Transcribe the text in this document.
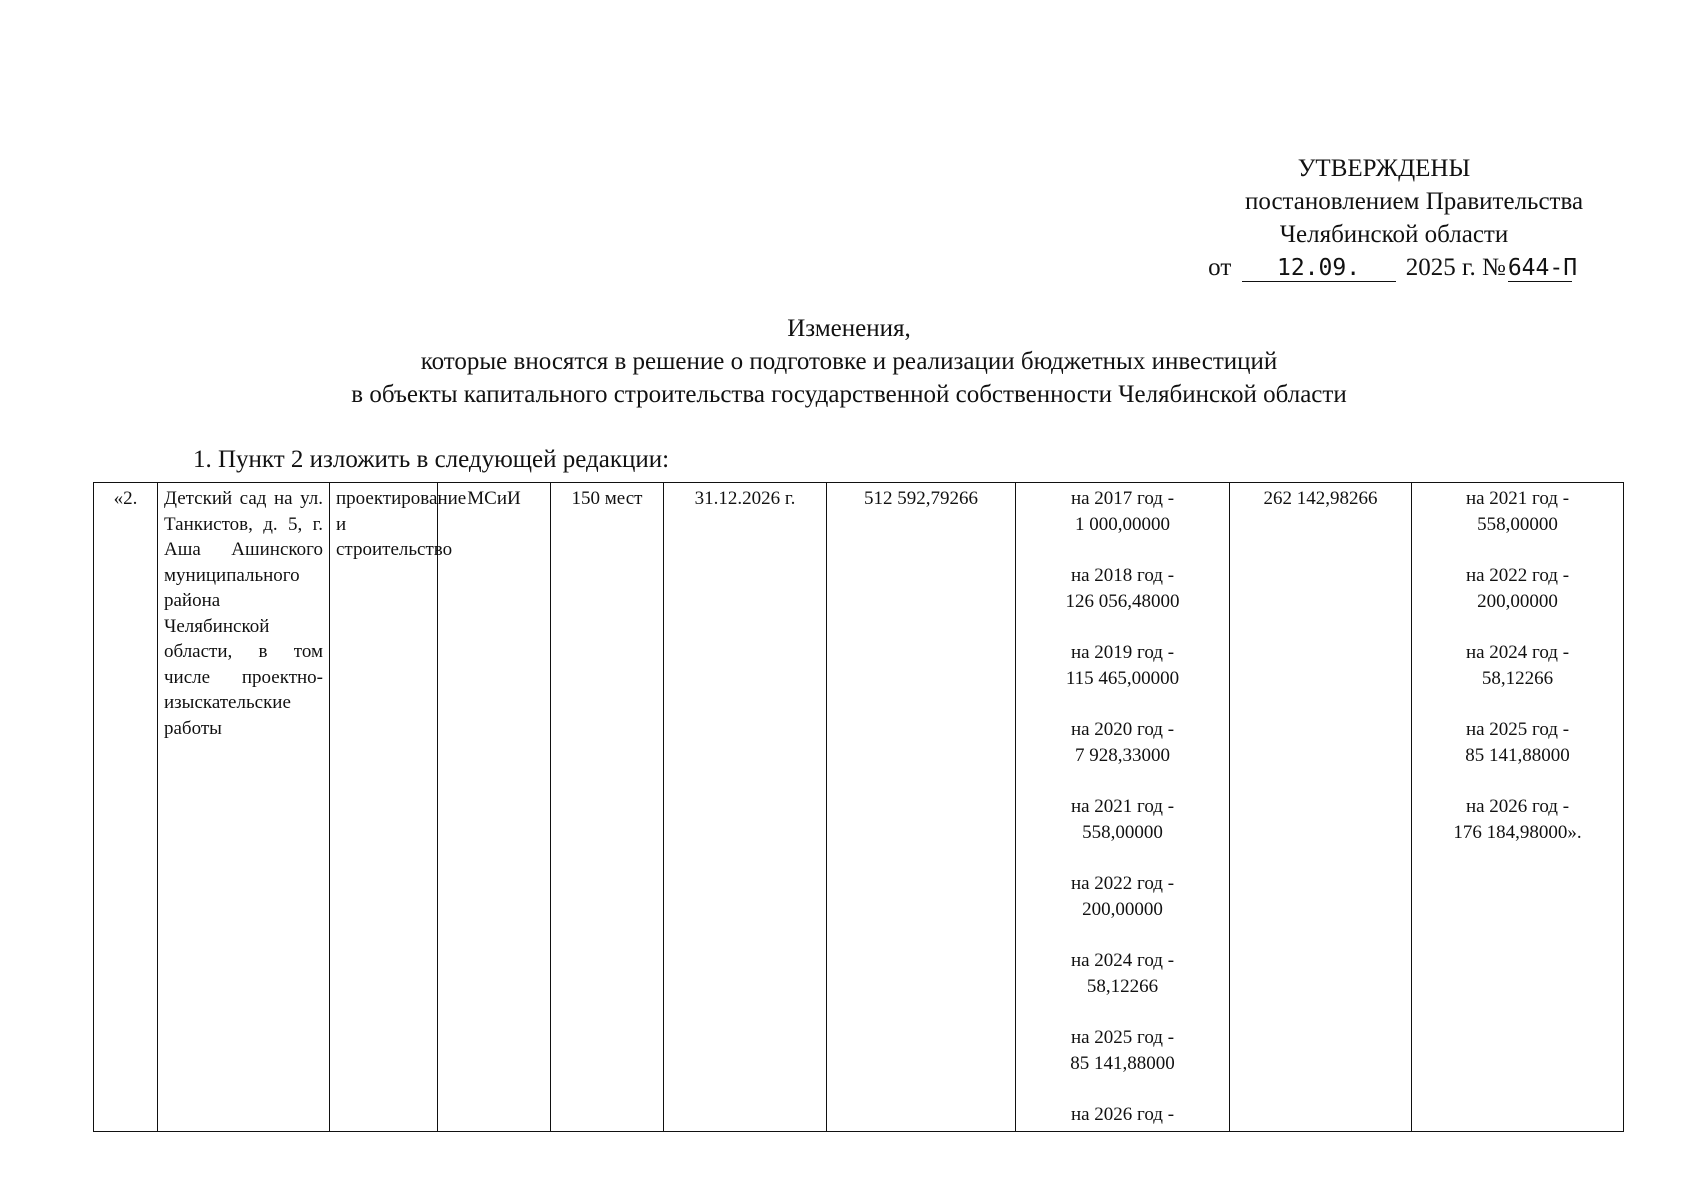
УТВЕРЖДЕНЫ
постановлением Правительства
Челябинской области
от 12.09. 2025 г. №644-П
Изменения,
которые вносятся в решение о подготовке и реализации бюджетных инвестиций
в объекты капитального строительства государственной собственности Челябинской области
1. Пункт 2 изложить в следующей редакции:
«2.	Детский сад на ул. Танкистов, д. 5, г. Аша Ашинского муниципального района Челябинской области, в том числе проектно-изыскательские работы	проектирование и строительство	МСиИ	150 мест	31.12.2026 г.	512 592,79266	на 2017 год -
1 000,00000
на 2018 год -
126 056,48000
на 2019 год -
115 465,00000
на 2020 год -
7 928,33000
на 2021 год -
558,00000
на 2022 год -
200,00000
на 2024 год -
58,12266
на 2025 год -
85 141,88000
на 2026 год -
	262 142,98266	на 2021 год -
558,00000
на 2022 год -
200,00000
на 2024 год -
58,12266
на 2025 год -
85 141,88000
на 2026 год -
176 184,98000».
